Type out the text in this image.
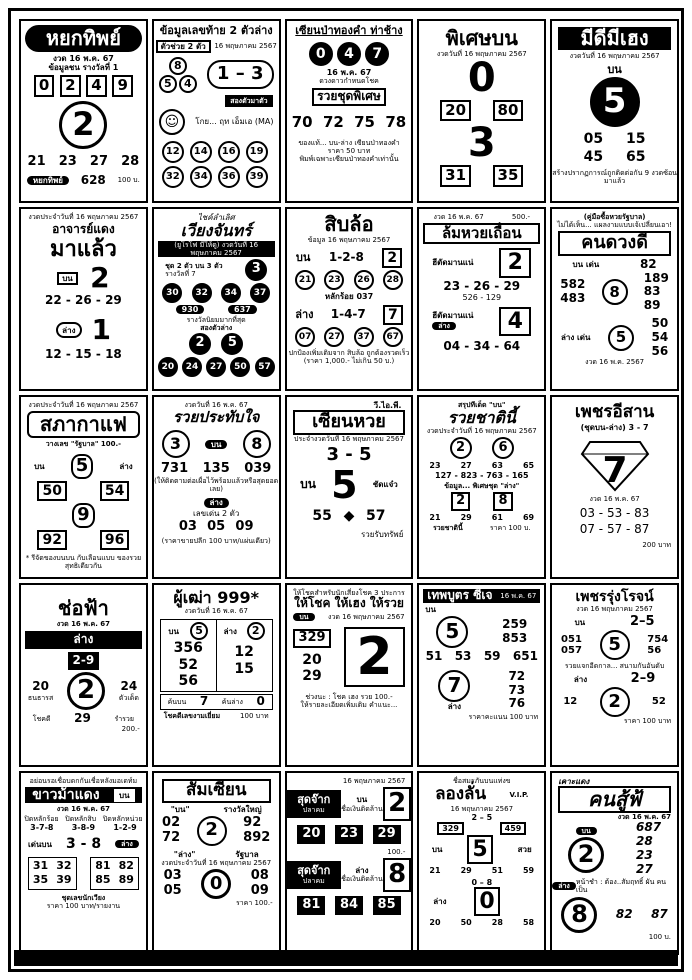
หยกทิพย์
งวด 16 พ.ค. 67
ข้อมูลชน รางวัลที่ 1
0	2	4	9
2
21 23 27 28
หยกทิพย์	628 100 บ.
ข้อมูลเลขท้าย 2 ตัวล่าง
ตัวช่วย 2 ตัว	16 พฤษภาคม 2567
8
5	4	1 – 3
สองตัวมาตัว
☺	โกย... ฤท เอ็มเอ (MA)
12	14	16	19
32	34	36	39
เซียนป่าทองคำ ท่าช้าง
0	4	7
16 พ.ค. 67
ดวงดาวกำหนดโชค
รวยชุดพิเศษ
70 72 75 78
ของแท้... บน-ล่าง เซียนป่าทองคำ
ราคา 50 บาท
พิมพ์เฉพาะเซียนป่าทองคำเท่านั้น
พิเศษบน
งวดวันที่ 16 พฤษภาคม 2567
0
20	80
3
31	35
มีดีมีเฮง
งวดวันที่ 16 พฤษภาคม 2567
บน
5
05 15
45 65
สร้างปรากฏการณ์ถูกติดต่อกัน 9 งวดซ้อนมาแล้ว
งวดประจำวันที่ 16 พฤษภาคม 2567
อาจารย์แดง
มาแล้ว
บน 2
22 - 26 - 29
ล่าง 1
12 - 15 - 18
ไชค์ลำเลิศ
เวียงจันทร์
(ยูโรโฟ มีให้ดู) งวดวันที่ 16 พฤษภาคม 2567
ชุด 2 ตัว บน 3 ตัว
รางวัลที่ 7	3
30	32	34	37
930	637
รางวัลนิยมมากที่สุด
สองตัวล่าง
2	5
20	24	27	50	57
สิบล้อ
ข้อมูล 16 พฤษภาคม 2567
บน 1-2-8	2
21	23	26	28
หลักร้อย 037
ล่าง 1-4-7	7
07	27	37	67
ปกป้องเพิ่มเติมจาก สิบล้อ ถูกต้องรวดเร็ว
(ราคา 1,000.- ไม่เกิน 50 บ.)
งวด 16 พ.ค. 67	500.-
ล้มหวยเถื่อน
ฮีตัดมานแน่	2
23 - 26 - 29
526 - 129
ฮีตัดมานแน่
ล่าง	4
04 - 34 - 64
(คู่มือซื้อหวยรัฐบาล)
ไม่ได้เห็น... แผลงามแบบเจ้เปลี่ยนเอา!
คนดวงดี
บน เด่น	82
582
483	8
189
83
89
ล่าง เด่น	5
50
54
56
งวด 16 พ.ค. 2567
งวดประจำวันที่ 16 พฤษภาคม 2567
สภากาแฟ
วางเลข "รัฐบาล" 100.-
บน 5	ล่าง
50	54
9
92	96
* รีจัดของบนบน กับเลือนแบบ ของรวยสุทธิเดียวกัน
งวดวันที่ 16 พ.ค. 67
รวยประทับใจ
3	บน	8
731 135 039
(ให้ติดตามต่อเผื่อไว้พร้อมแล้วหรือสุดยอดเลย)
ล่าง
เลขเด่น 2 ตัว
03 05 09
(ราคาขายปลีก 100 บาท/แผ่นเดียว)
วี.ไอ.พี.
เซียนหวย
ประจำงวดวันที่ 16 พฤษภาคม 2567
3 - 5
บน 5 ชัดแจ๋ว
55 ◆ 57
รวยรับทรัพย์
สรุปทีเด็ด "บน"
รวยชาตินี้
งวดประจำวันที่ 16 พฤษภาคม 2567
2	6
23	27	63	65
127 - 823 - 763 - 165
ข้อมูล... พิเศษชุด "ล่าง"
2	8
21	29	61	69
รวยชาตินี้	ราคา 100 บ.
เพชรอีสาน
(ชุดบน-ล่าง) 3 - 7
7
งวด 16 พ.ค. 67
03 - 53 - 83
07 - 57 - 87
200 บาท
ช่อฟ้า
งวด 16 พ.ค. 67
ล่าง
2-9
20
ธนธารส 2	24
ตัวเด็ด
โชคดี 29	รำรวย
200.-
ผู้เฒ่า 999*
งวดวันที่ 16 พ.ค. 67
บน	5
356
52
56
ล่าง	2
12
15
ค้นบน 7 ค้นล่าง 0
โชคดีเลขงามเยี่ยม	100 บาท
ให้โชคสำหรับนักเสี่ยงโชค 3 ประการ
ให้โชค ให้เฮง ให้รวย
บน	งวด 16 พฤษภาคม 2567
329
20
29 2
ช่วงนะ : โชค เฮง รวย 100.-
ให้รายละเอียดเพิ่มเติม คำแนะ...
เทพบูตร ซีเจ 16 พ.ค. 67
บน
5	259
853
51 53 59 651
7
ล่าง
72
73
76
ราคาคะแนน 100 บาท
เพชรรุ่งโรจน์
งวด 16 พฤษภาคม 2567
บน	2–5
051
057	5	754
56
รวยแจกอีดกาล... สนามกันอันดับ
ล่าง	2–9
12	2	52
ราคา 100 บาท
อย่อนรอเชื่อบดกกันเชื่อหลังมอเดท์ม
ขาวม้าแดง	บน
งวด 16 พ.ค. 67
ปิดหลักร้อย ปิดหลักสิบ ปิดหลักหน่วย
3-7-8 3-8-9 1-2-9
เด่นบน 3 - 8	ล่าง
31 32
35 39
81 82
85 89
ชุดเลขนักเวียง
ราคา 100 บาท/รายงาน
สัมเซียน
"บน"	รางวัลใหญ่
02
72	2	92
892
"ล่าง"	รัฐบาล
งวดประจำวันที่ 16 พฤษภาคม 2567
03
05	0	08
09
ราคา 100.-
16 พฤษภาคม 2567
สุดจ๊าก
ปลาคม
บน
ชื่อเงินติดล้าน 2
20	23	29
100.-
สุดจ๊าก
ปลาคม
ล่าง
ชื่อเงินติดล้าน 8
81	84	85
ชื่อสมรภันบนแท่งข
ลองลั่น	V.I.P.
16 พฤษภาคม 2567
2 – 5
329	459
บน 5	สวย
21	29	51	59
0 – 8
ล่าง 0

20	50	28	58
เคาะแดง
คนสู้ฟ้
งวด 16 พ.ค. 67
บน
2
687
28
23
27
ล่าง
หน้าชำ : ต้อง..สัมฤทธิ์ ผัน คนเป็น
8	82 87
100 บ.
